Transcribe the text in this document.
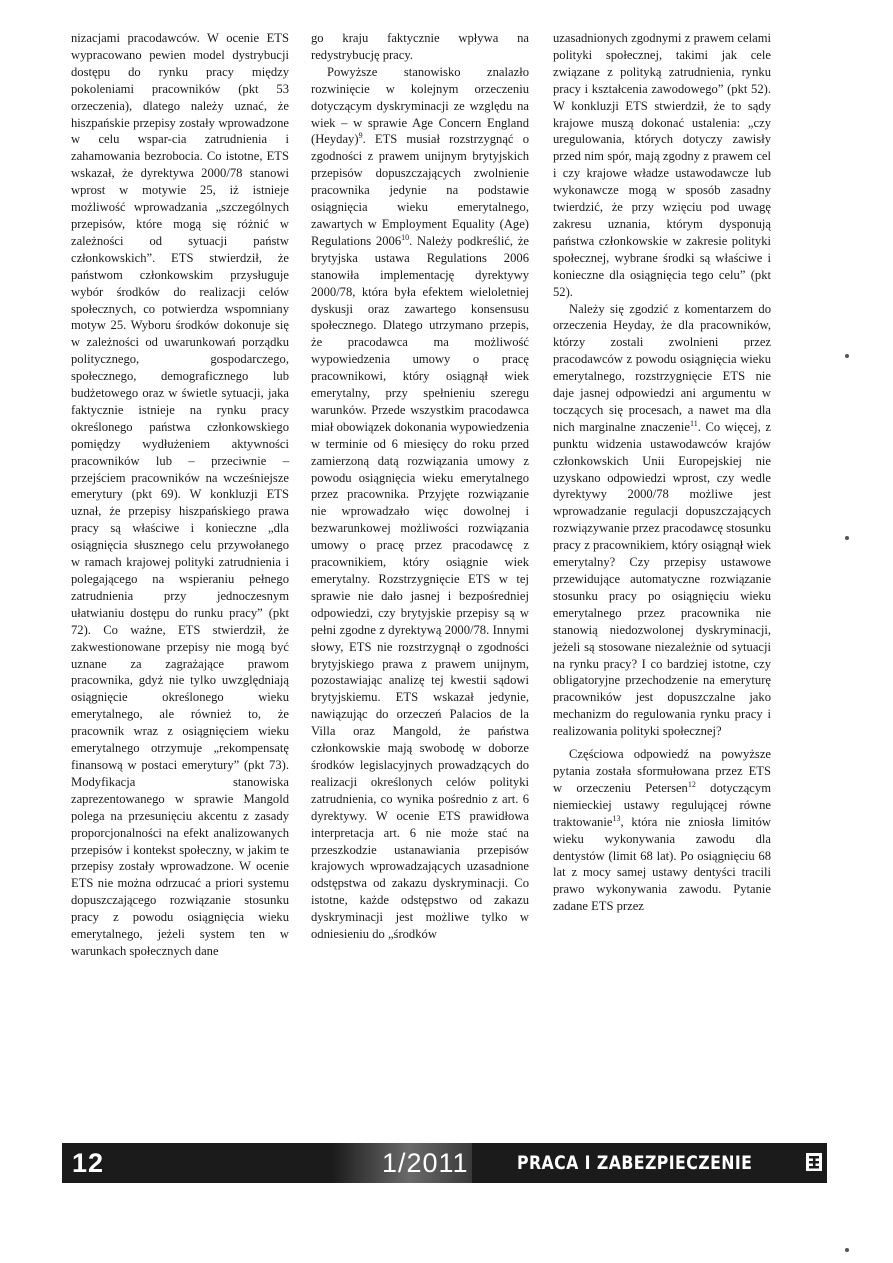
nizacjami pracodawców. W ocenie ETS wypracowano pewien model dystrybucji dostępu do rynku pracy między pokoleniami pracowników (pkt 53 orzeczenia), dlatego należy uznać, że hiszpańskie przepisy zostały wprowadzone w celu wspar-cia zatrudnienia i zahamowania bezrobocia. Co istotne, ETS wskazał, że dyrektywa 2000/78 stanowi wprost w motywie 25, iż istnieje możliwość wprowadzania „szczególnych przepisów, które mogą się różnić w zależności od sytuacji państw członkowskich”. ETS stwierdził, że państwom członkowskim przysługuje wybór środków do realizacji celów społecznych, co potwierdza wspomniany motyw 25. Wyboru środków dokonuje się w zależności od uwarunkowań porządku politycznego, gospodarczego, społecznego, demograficznego lub budżetowego oraz w świetle sytuacji, jaka faktycznie istnieje na rynku pracy określonego państwa członkowskiego pomiędzy wydłużeniem aktywności pracowników lub – przeciwnie – przejściem pracowników na wcześniejsze emerytury (pkt 69). W konkluzji ETS uznał, że przepisy hiszpańskiego prawa pracy są właściwe i konieczne „dla osiągnięcia słusznego celu przywołanego w ramach krajowej polityki zatrudnienia i polegającego na wspieraniu pełnego zatrudnienia przy jednoczesnym ułatwianiu dostępu do runku pracy” (pkt 72). Co ważne, ETS stwierdził, że zakwestionowane przepisy nie mogą być uznane za zagrażające prawom pracownika, gdyż nie tylko uwzględniają osiągnięcie określonego wieku emerytalnego, ale również to, że pracownik wraz z osiągnięciem wieku emerytalnego otrzymuje „rekompensatę finansową w postaci emerytury” (pkt 73). Modyfikacja stanowiska zaprezentowanego w sprawie Mangold polega na przesunięciu akcentu z zasady proporcjonalności na efekt analizowanych przepisów i kontekst społeczny, w jakim te przepisy zostały wprowadzone. W ocenie ETS nie można odrzucać a priori systemu dopuszczającego rozwiązanie stosunku pracy z powodu osiągnięcia wieku emerytalnego, jeżeli system ten w warunkach społecznych dane

go kraju faktycznie wpływa na redystrybucję pracy.

Powyższe stanowisko znalazło rozwinięcie w kolejnym orzeczeniu dotyczącym dyskryminacji ze względu na wiek – w sprawie Age Concern England (Heyday)$^9$. ETS musiał rozstrzygnąć o zgodności z prawem unijnym brytyjskich przepisów dopuszczających zwolnienie pracownika jedynie na podstawie osiągnięcia wieku emerytalnego, zawartych w Employment Equality (Age) Regulations 2006$^{10}$. Należy podkreślić, że brytyjska ustawa Regulations 2006 stanowiła implementację dyrektywy 2000/78, która była efektem wieloletniej dyskusji oraz zawartego konsensusu społecznego. Dlatego utrzymano przepis, że pracodawca ma możliwość wypowiedzenia umowy o pracę pracownikowi, który osiągnął wiek emerytalny, przy spełnieniu szeregu warunków. Przede wszystkim pracodawca miał obowiązek dokonania wypowiedzenia w terminie od 6 miesięcy do roku przed zamierzoną datą rozwiązania umowy z powodu osiągnięcia wieku emerytalnego przez pracownika. Przyjęte rozwiązanie nie wprowadzało więc dowolnej i bezwarunkowej możliwości rozwiązania umowy o pracę przez pracodawcę z pracownikiem, który osiągnie wiek emerytalny. Rozstrzygnięcie ETS w tej sprawie nie dało jasnej i bezpośredniej odpowiedzi, czy brytyjskie przepisy są w pełni zgodne z dyrektywą 2000/78. Innymi słowy, ETS nie rozstrzygnął o zgodności brytyjskiego prawa z prawem unijnym, pozostawiając analizę tej kwestii sądowi brytyjskiemu. ETS wskazał jedynie, nawiązując do orzeczeń Palacios de la Villa oraz Mangold, że państwa członkowskie mają swobodę w doborze środków legislacyjnych prowadzących do realizacji określonych celów polityki zatrudnienia, co wynika pośrednio z art. 6 dyrektywy. W ocenie ETS prawidłowa interpretacja art. 6 nie może stać na przeszkodzie ustanawiania przepisów krajowych wprowadzających uzasadnione odstępstwa od zakazu dyskryminacji. Co istotne, każde odstępstwo od zakazu dyskryminacji jest możliwe tylko w odniesieniu do „środków

uzasadnionych zgodnymi z prawem celami polityki społecznej, takimi jak cele związane z polityką zatrudnienia, rynku pracy i kształcenia zawodowego” (pkt 52). W konkluzji ETS stwierdził, że to sądy krajowe muszą dokonać ustalenia: „czy uregulowania, których dotyczy zawisły przed nim spór, mają zgodny z prawem cel i czy krajowe władze ustawodawcze lub wykonawcze mogą w sposób zasadny twierdzić, że przy wzięciu pod uwagę zakresu uznania, którym dysponują państwa członkowskie w zakresie polityki społecznej, wybrane środki są właściwe i konieczne dla osiągnięcia tego celu” (pkt 52).

Należy się zgodzić z komentarzem do orzeczenia Heyday, że dla pracowników, którzy zostali zwolnieni przez pracodawców z powodu osiągnięcia wieku emerytalnego, rozstrzygnięcie ETS nie daje jasnej odpowiedzi ani argumentu w toczących się procesach, a nawet ma dla nich marginalne znaczenie$^{11}$. Co więcej, z punktu widzenia ustawodawców krajów członkowskich Unii Europejskiej nie uzyskano odpowiedzi wprost, czy wedle dyrektywy 2000/78 możliwe jest wprowadzanie regulacji dopuszczających rozwiązywanie przez pracodawcę stosunku pracy z pracownikiem, który osiągnął wiek emerytalny? Czy przepisy ustawowe przewidujące automatyczne rozwiązanie stosunku pracy po osiągnięciu wieku emerytalnego przez pracownika nie stanowią niedozwolonej dyskryminacji, jeżeli są stosowane niezależnie od sytuacji na rynku pracy? I co bardziej istotne, czy obligatoryjne przechodzenie na emeryturę pracowników jest dopuszczalne jako mechanizm do regulowania rynku pracy i realizowania polityki społecznej?

Częściowa odpowiedź na powyższe pytania została sformułowana przez ETS w orzeczeniu Petersen$^{12}$ dotyczącym niemieckiej ustawy regulującej równe traktowanie$^{13}$, która nie zniosła limitów wieku wykonywania zawodu dla dentystów (limit 68 lat). Po osiągnięciu 68 lat z mocy samej ustawy dentyści tracili prawo wykonywania zawodu. Pytanie zadane ETS przez

12	1/2011	PRACA I ZABEZPIECZENIE SPOŁECZNE
